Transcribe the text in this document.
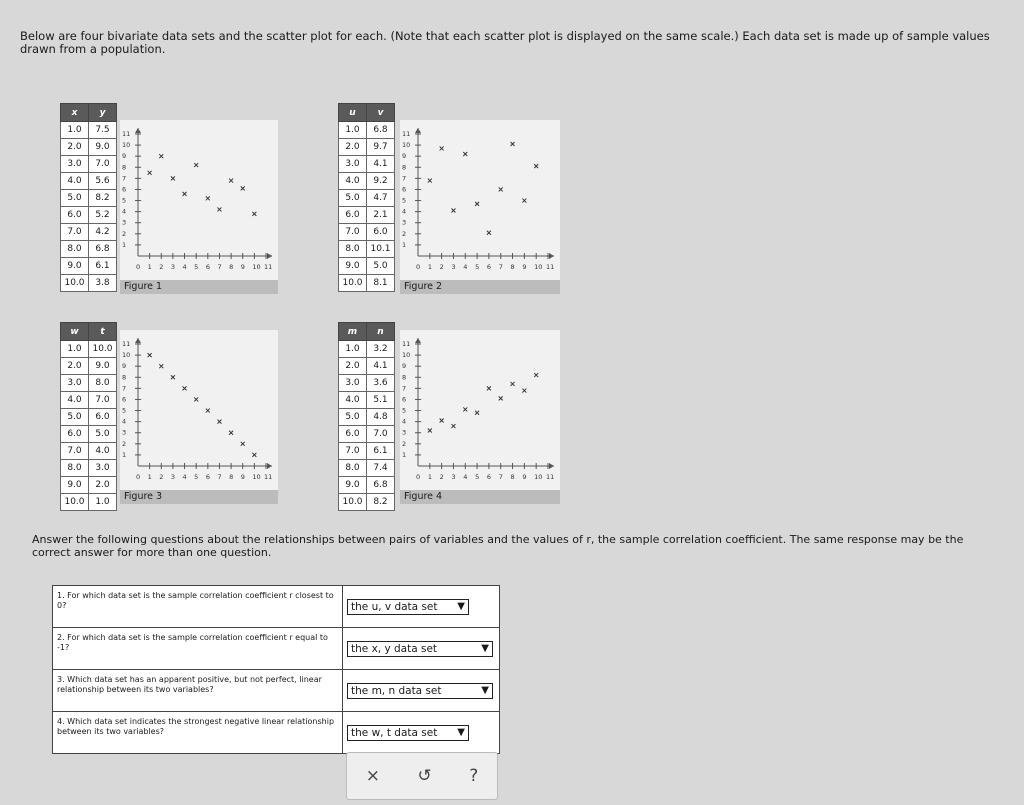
Below are four bivariate data sets and the scatter plot for each. (Note that each scatter plot is displayed on the same scale.) Each data set is made up of sample values drawn from a population.
x	y
1.0	7.5
2.0	9.0
3.0	7.0
4.0	5.6
5.0	8.2
6.0	5.2
7.0	4.2
8.0	6.8
9.0	6.1
10.0	3.8
0 1 2 3 4 5 6 7 8 9 10 11
1
2
3
4
5
6
7
8
9
10
11
Figure 1
u	v
1.0	6.8
2.0	9.7
3.0	4.1
4.0	9.2
5.0	4.7
6.0	2.1
7.0	6.0
8.0	10.1
9.0	5.0
10.0	8.1
0 1 2 3 4 5 6 7 8 9 10 11
1
2
3
4
5
6
7
8
9
10
11
Figure 2
w	t
1.0	10.0
2.0	9.0
3.0	8.0
4.0	7.0
5.0	6.0
6.0	5.0
7.0	4.0
8.0	3.0
9.0	2.0
10.0	1.0
0 1 2 3 4 5 6 7 8 9 10 11
1
2
3
4
5
6
7
8
9
10
11
Figure 3
m	n
1.0	3.2
2.0	4.1
3.0	3.6
4.0	5.1
5.0	4.8
6.0	7.0
7.0	6.1
8.0	7.4
9.0	6.8
10.0	8.2
0 1 2 3 4 5 6 7 8 9 10 11
1
2
3
4
5
6
7
8
9
10
11
Figure 4
Answer the following questions about the relationships between pairs of variables and the values of r, the sample correlation coefficient. The same response may be the correct answer for more than one question.
1. For which data set is the sample correlation coefficient r closest to 0?	the u, v data set ▼
2. For which data set is the sample correlation coefficient r equal to -1?	the x, y data set	▼
3. Which data set has an apparent positive, but not perfect, linear relationship between its two variables?	the m, n data set	▼
4. Which data set indicates the strongest negative linear relationship between its two variables?	the w, t data set ▼
× ↺ ?
